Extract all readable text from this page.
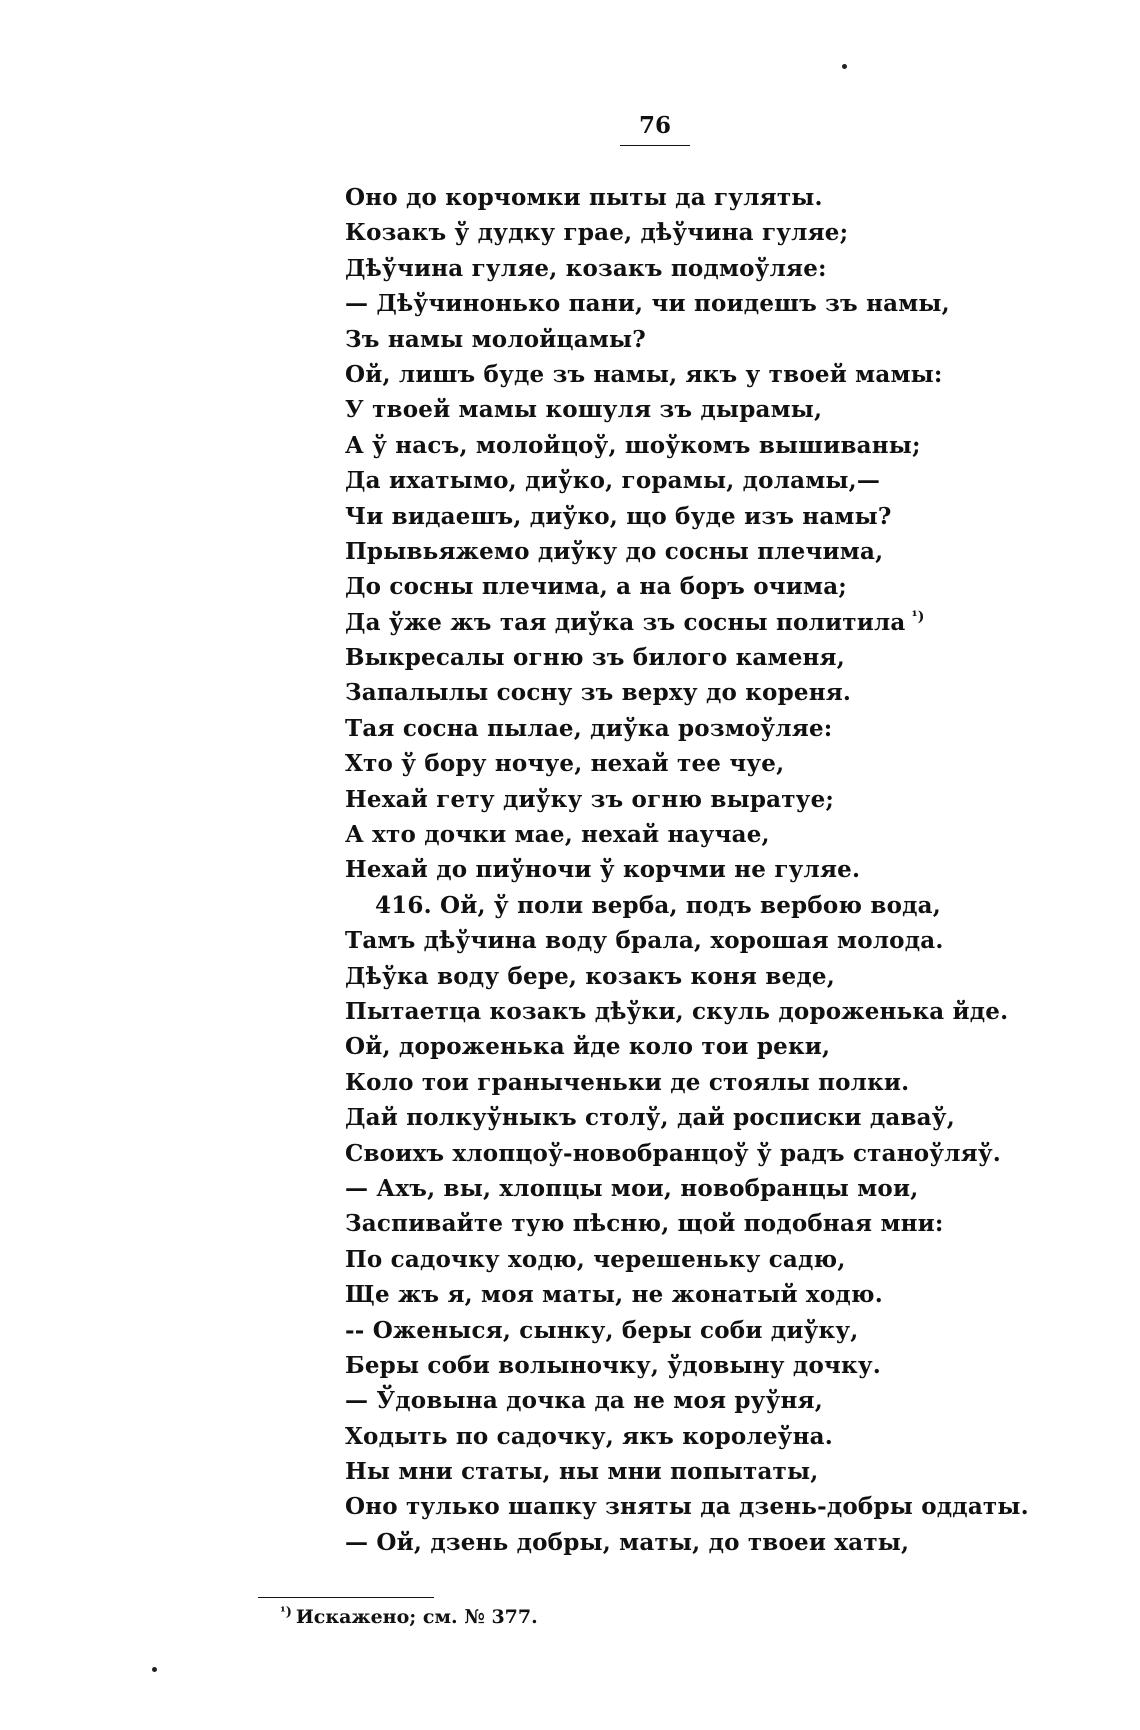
76
Оно до корчомки пыты да гуляты.
Козакъ ў дудку грае, дѣўчина гуляе;
Дѣўчина гуляе, козакъ подмоўляе:
— Дѣўчинонько пани, чи поидешъ зъ намы,
Зъ намы молойцамы?
Ой, лишъ буде зъ намы, якъ у твоей мамы:
У твоей мамы кошуля зъ дырамы,
А ў насъ, молойцоў, шоўкомъ вышиваны;
Да ихатымо, диўко, горамы, доламы,—
Чи видаешъ, диўко, що буде изъ намы?
Прывьяжемо диўку до сосны плечима,
До сосны плечима, а на боръ очима;
Да ўже жъ тая диўка зъ сосны политила $^{^1)}$
Выкресалы огню зъ билого каменя,
Запалылы сосну зъ верху до кореня.
Тая сосна пылае, диўка розмоўляе:
Хто ў бору ночуе, нехай тее чуе,
Нехай гету диўку зъ огню выратуе;
А хто дочки мае, нехай научае,
Нехай до пиўночи ў корчми не гуляе.
416. Ой, ў поли верба, подъ вербою вода,
Тамъ дѣўчина воду брала, хорошая молода.
Дѣўка воду бере, козакъ коня веде,
Пытаетца козакъ дѣўки, скуль дороженька йде.
Ой, дороженька йде коло тои реки,
Коло тои граныченьки де стоялы полки.
Дай полкуўныкъ столў, дай росписки даваў,
Своихъ хлопцоў-новобранцоў ў радъ станоўляў.
— Ахъ, вы, хлопцы мои, новобранцы мои,
Заспивайте тую пѣсню, щой подобная мни:
По садочку ходю, черешеньку садю,
Ще жъ я, моя маты, не жонатый ходю.
-- Оженыся, сынку, беры соби диўку,
Беры соби волыночку, ўдовыну дочку.
— Ўдовына дочка да не моя руўня,
Ходыть по садочку, якъ королеўна.
Ны мни статы, ны мни попытаты,
Оно тулько шапку зняты да дзень-добры оддаты.
— Ой, дзень добры, маты, до твоеи хаты,
$^{^1)}$ Искажено; см. № 377.
